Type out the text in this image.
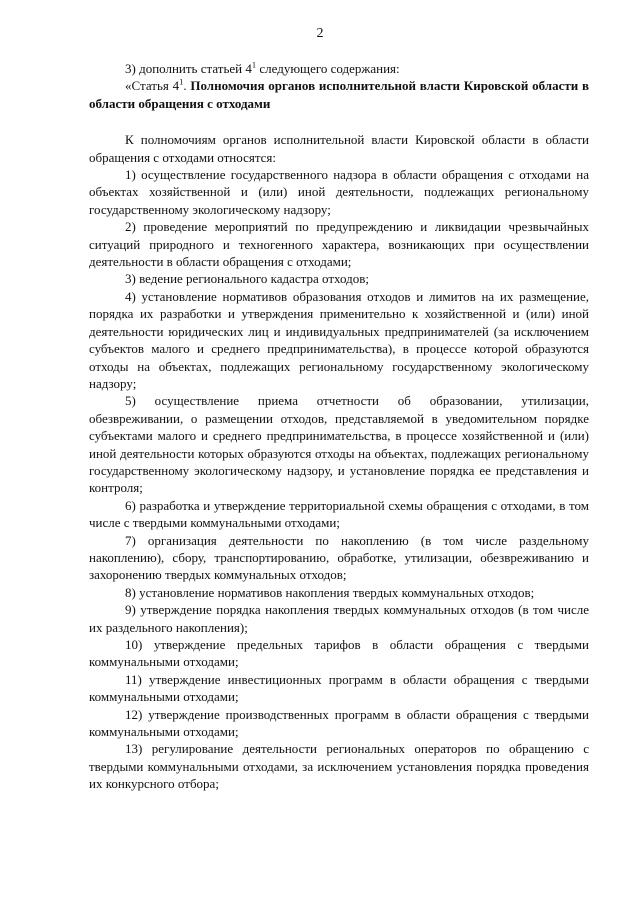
2

3) дополнить статьей $4^1$ следующего содержания:

«Статья $4^1$. Полномочия органов исполнительной власти Кировской области в области обращения с отходами

К полномочиям органов исполнительной власти Кировской области в области обращения с отходами относятся:

1) осуществление государственного надзора в области обращения с отходами на объектах хозяйственной и (или) иной деятельности, подлежащих региональному государственному экологическому надзору;

2) проведение мероприятий по предупреждению и ликвидации чрезвычайных ситуаций природного и техногенного характера, возникающих при осуществлении деятельности в области обращения с отходами;

3) ведение регионального кадастра отходов;

4) установление нормативов образования отходов и лимитов на их размещение, порядка их разработки и утверждения применительно к хозяйственной и (или) иной деятельности юридических лиц и индивидуальных предпринимателей (за исключением субъектов малого и среднего предпринимательства), в процессе которой образуются отходы на объектах, подлежащих региональному государственному экологическому надзору;

5) осуществление приема отчетности об образовании, утилизации, обезвреживании, о размещении отходов, представляемой в уведомительном порядке субъектами малого и среднего предпринимательства, в процессе хозяйственной и (или) иной деятельности которых образуются отходы на объектах, подлежащих региональному государственному экологическому надзору, и установление порядка ее представления и контроля;

6) разработка и утверждение территориальной схемы обращения с отходами, в том числе с твердыми коммунальными отходами;

7) организация деятельности по накоплению (в том числе раздельному накоплению), сбору, транспортированию, обработке, утилизации, обезвреживанию и захоронению твердых коммунальных отходов;

8) установление нормативов накопления твердых коммунальных отходов;

9) утверждение порядка накопления твердых коммунальных отходов (в том числе их раздельного накопления);

10) утверждение предельных тарифов в области обращения с твердыми коммунальными отходами;

11) утверждение инвестиционных программ в области обращения с твердыми коммунальными отходами;

12) утверждение производственных программ в области обращения с твердыми коммунальными отходами;

13) регулирование деятельности региональных операторов по обращению с твердыми коммунальными отходами, за исключением установления порядка проведения их конкурсного отбора;
